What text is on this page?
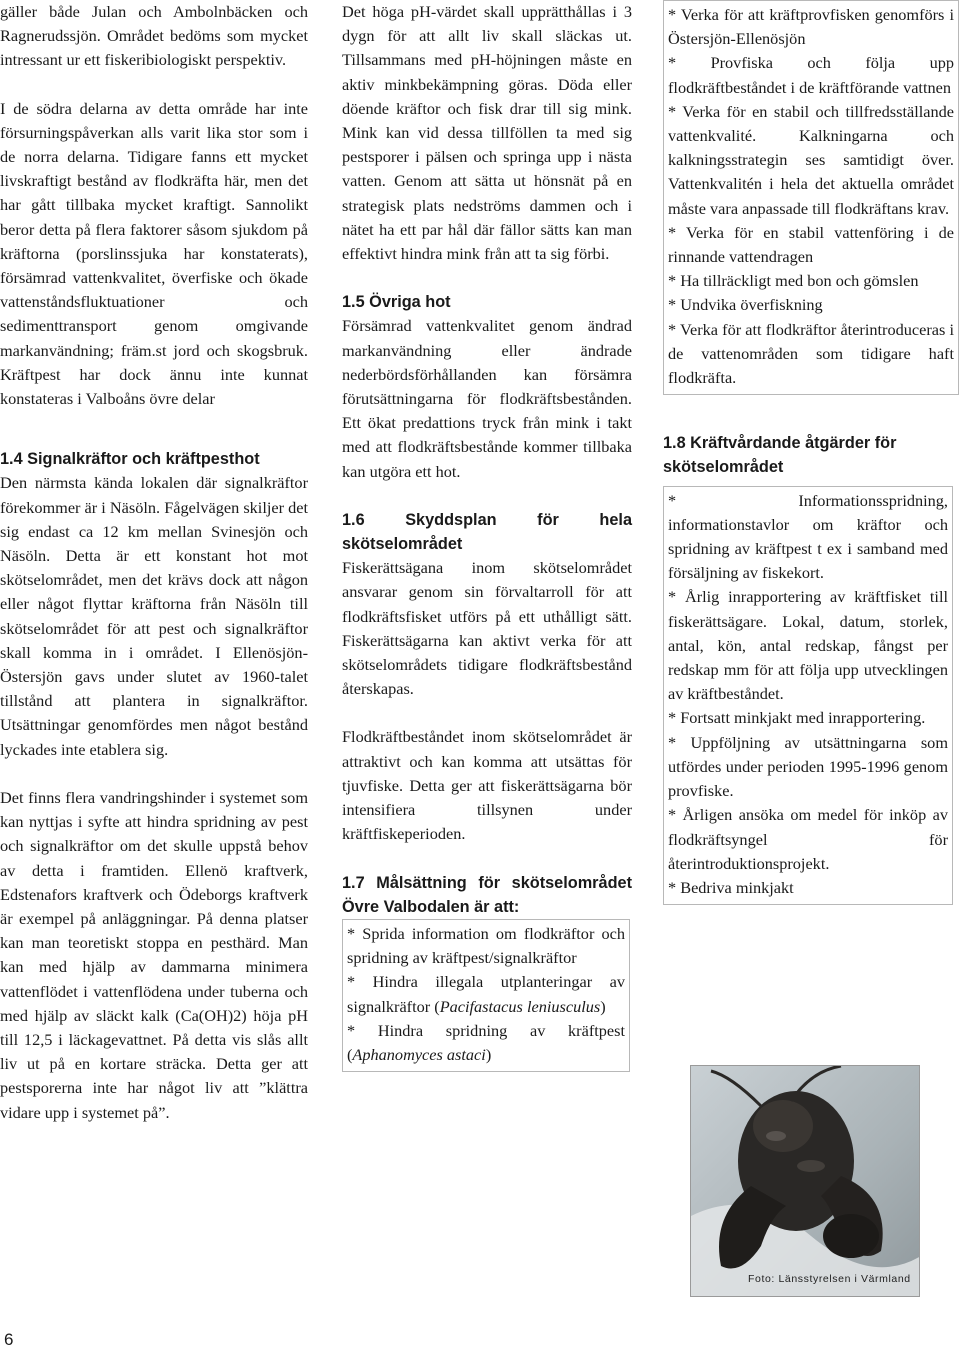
gäller både Julan och Ambolnbäcken och Ragnerudssjön. Området bedöms som mycket intressant ur ett fiskeribiologiskt perspektiv.

I de södra delarna av detta område har inte försurningspåverkan alls varit lika stor som i de norra delarna. Tidigare fanns ett mycket livskraftigt bestånd av flodkräfta här, men det har gått tillbaka mycket kraftigt. Sannolikt beror detta på flera faktorer såsom sjukdom på kräftorna (porslinssjuka har konstaterats), försämrad vattenkvalitet, överfiske och ökade vattenståndsfluktuationer och sedimenttransport genom omgivande markanvändning; främ.st jord och skogsbruk. Kräftpest har dock ännu inte kunnat konstateras i Valboåns övre delar

1.4 Signalkräftor och kräftpesthot

Den närmsta kända lokalen där signalkräftor förekommer är i Näsöln. Fågelvägen skiljer det sig endast ca 12 km mellan Svinesjön och Näsöln. Detta är ett konstant hot mot skötselområdet, men det krävs dock att någon eller något flyttar kräftorna från Näsöln till skötselområdet för att pest och signalkräftor skall komma in i området. I Ellenösjön-Östersjön gavs under slutet av 1960-talet tillstånd att plantera in signalkräftor. Utsättningar genomfördes men något bestånd lyckades inte etablera sig.

Det finns flera vandringshinder i systemet som kan nyttjas i syfte att hindra spridning av pest och signalkräftor om det skulle uppstå behov av detta i framtiden. Ellenö kraftverk, Edstenafors kraftverk och Ödeborgs kraftverk är exempel på anläggningar. På denna platser kan man teoretiskt stoppa en pesthärd. Man kan med hjälp av dammarna minimera vattenflödet i vattenflödena under tuberna och med hjälp av släckt kalk (Ca(OH)2) höja pH till 12,5 i läckagevattnet. På detta vis slås allt liv ut på en kortare sträcka. Detta ger att pestsporerna inte har något liv att ”klättra vidare upp i systemet på”.

Det höga pH-värdet skall upprätthållas i 3 dygn för att allt liv skall släckas ut. Tillsammans med pH-höjningen måste en aktiv minkbekämpning göras. Döda eller döende kräftor och fisk drar till sig mink. Mink kan vid dessa tillföllen ta med sig pestsporer i pälsen och springa upp i nästa vatten. Genom att sätta ut hönsnät på en strategisk plats nedströms dammen och i nätet ha ett par hål där fällor sätts kan man effektivt hindra mink från att ta sig förbi.

1.5 Övriga hot

Försämrad vattenkvalitet genom ändrad markanvändning eller ändrade nederbördsförhållanden kan försämra förutsättningarna för flodkräftsbestånden. Ett ökat predattions tryck från mink i takt med att flodkräftsbestånde kommer tillbaka kan utgöra ett hot.

1.6 Skyddsplan för hela skötselområdet

Fiskerättsägana inom skötselområdet ansvarar genom sin förvaltarroll för att flodkräftsfisket utförs på ett uthålligt sätt. Fiskerättsägarna kan aktivt verka för att skötselområdets tidigare flodkräftsbestånd återskapas.

Flodkräftbeståndet inom skötselområdet är attraktivt och kan komma att utsättas för tjuvfiske. Detta ger att fiskerättsägarna bör intensifiera tillsynen under kräftfiskeperioden.

1.7 Målsättning för skötselområdet Övre Valbodalen är att:

* Sprida information om flodkräftor och spridning av kräftpest/signalkräftor

* Hindra illegala utplanteringar av signalkräftor (Pacifastacus leniusculus)

* Hindra spridning av kräftpest (Aphanomyces astaci)

* Verka för att kräftprovfisken genomförs i Östersjön-Ellenösjön

* Provfiska och följa upp flodkräftbeståndet i de kräftförande vattnen

* Verka för en stabil och tillfredsställande vattenkvalité. Kalkningarna och kalkningsstrategin ses samtidigt över. Vattenkvalitén i hela det aktuella området måste vara anpassade till flodkräftans krav.

* Verka för en stabil vattenföring i de rinnande vattendragen

* Ha tillräckligt med bon och gömslen

* Undvika överfiskning

* Verka för att flodkräftor återintroduceras i de vattenområden som tidigare haft flodkräfta.

1.8 Kräftvårdande åtgärder för skötselområdet

* Informationsspridning, informationstavlor om kräftor och spridning av kräftpest t ex i samband med försäljning av fiskekort.

* Årlig inrapportering av kräftfisket till fiskerättsägare. Lokal, datum, storlek, antal, kön, antal redskap, fångst per redskap mm för att följa upp utvecklingen av kräftbeståndet.

* Fortsatt minkjakt med inrapportering.

* Uppföljning av utsättningarna som utfördes under perioden 1995-1996 genom provfiske.

* Årligen ansöka om medel för inköp av flodkräftsyngel för återintroduktionsprojekt.

* Bedriva minkjakt

Foto: Länsstyrelsen i Värmland
6
